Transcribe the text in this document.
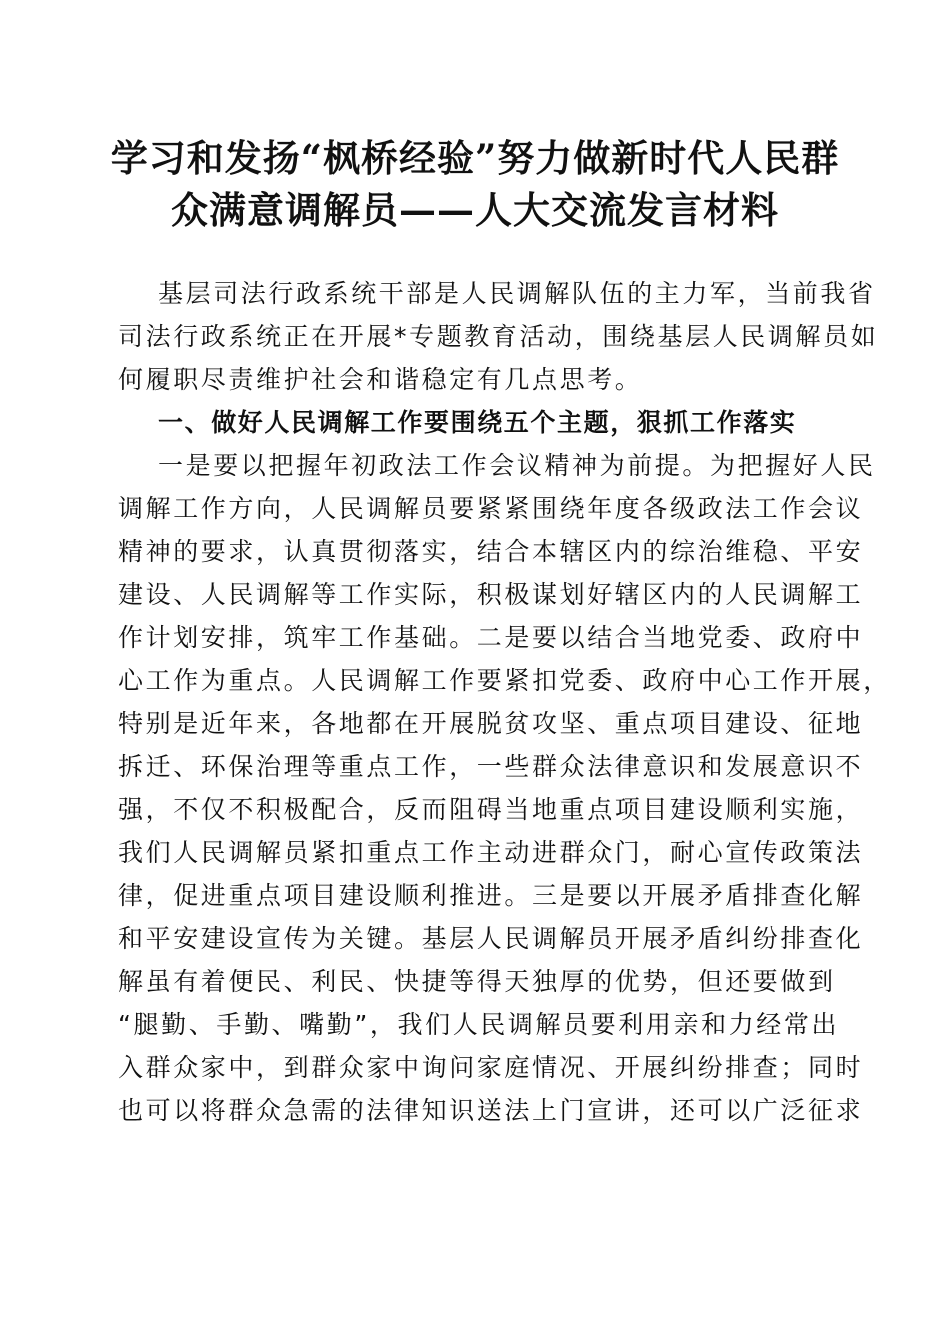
学习和发扬“枫桥经验”努力做新时代人民群
众满意调解员——人大交流发言材料
基层司法行政系统干部是人民调解队伍的主力军，当前我省
司法行政系统正在开展*专题教育活动，围绕基层人民调解员如
何履职尽责维护社会和谐稳定有几点思考。
一、做好人民调解工作要围绕五个主题，狠抓工作落实
一是要以把握年初政法工作会议精神为前提。为把握好人民
调解工作方向，人民调解员要紧紧围绕年度各级政法工作会议
精神的要求，认真贯彻落实，结合本辖区内的综治维稳、平安
建设、人民调解等工作实际，积极谋划好辖区内的人民调解工
作计划安排，筑牢工作基础。二是要以结合当地党委、政府中
心工作为重点。人民调解工作要紧扣党委、政府中心工作开展，
特别是近年来，各地都在开展脱贫攻坚、重点项目建设、征地
拆迁、环保治理等重点工作，一些群众法律意识和发展意识不
强，不仅不积极配合，反而阻碍当地重点项目建设顺利实施，
我们人民调解员紧扣重点工作主动进群众门，耐心宣传政策法
律，促进重点项目建设顺利推进。三是要以开展矛盾排查化解
和平安建设宣传为关键。基层人民调解员开展矛盾纠纷排查化
解虽有着便民、利民、快捷等得天独厚的优势，但还要做到
“腿勤、手勤、嘴勤”，我们人民调解员要利用亲和力经常出
入群众家中，到群众家中询问家庭情况、开展纠纷排查；同时
也可以将群众急需的法律知识送法上门宣讲，还可以广泛征求
